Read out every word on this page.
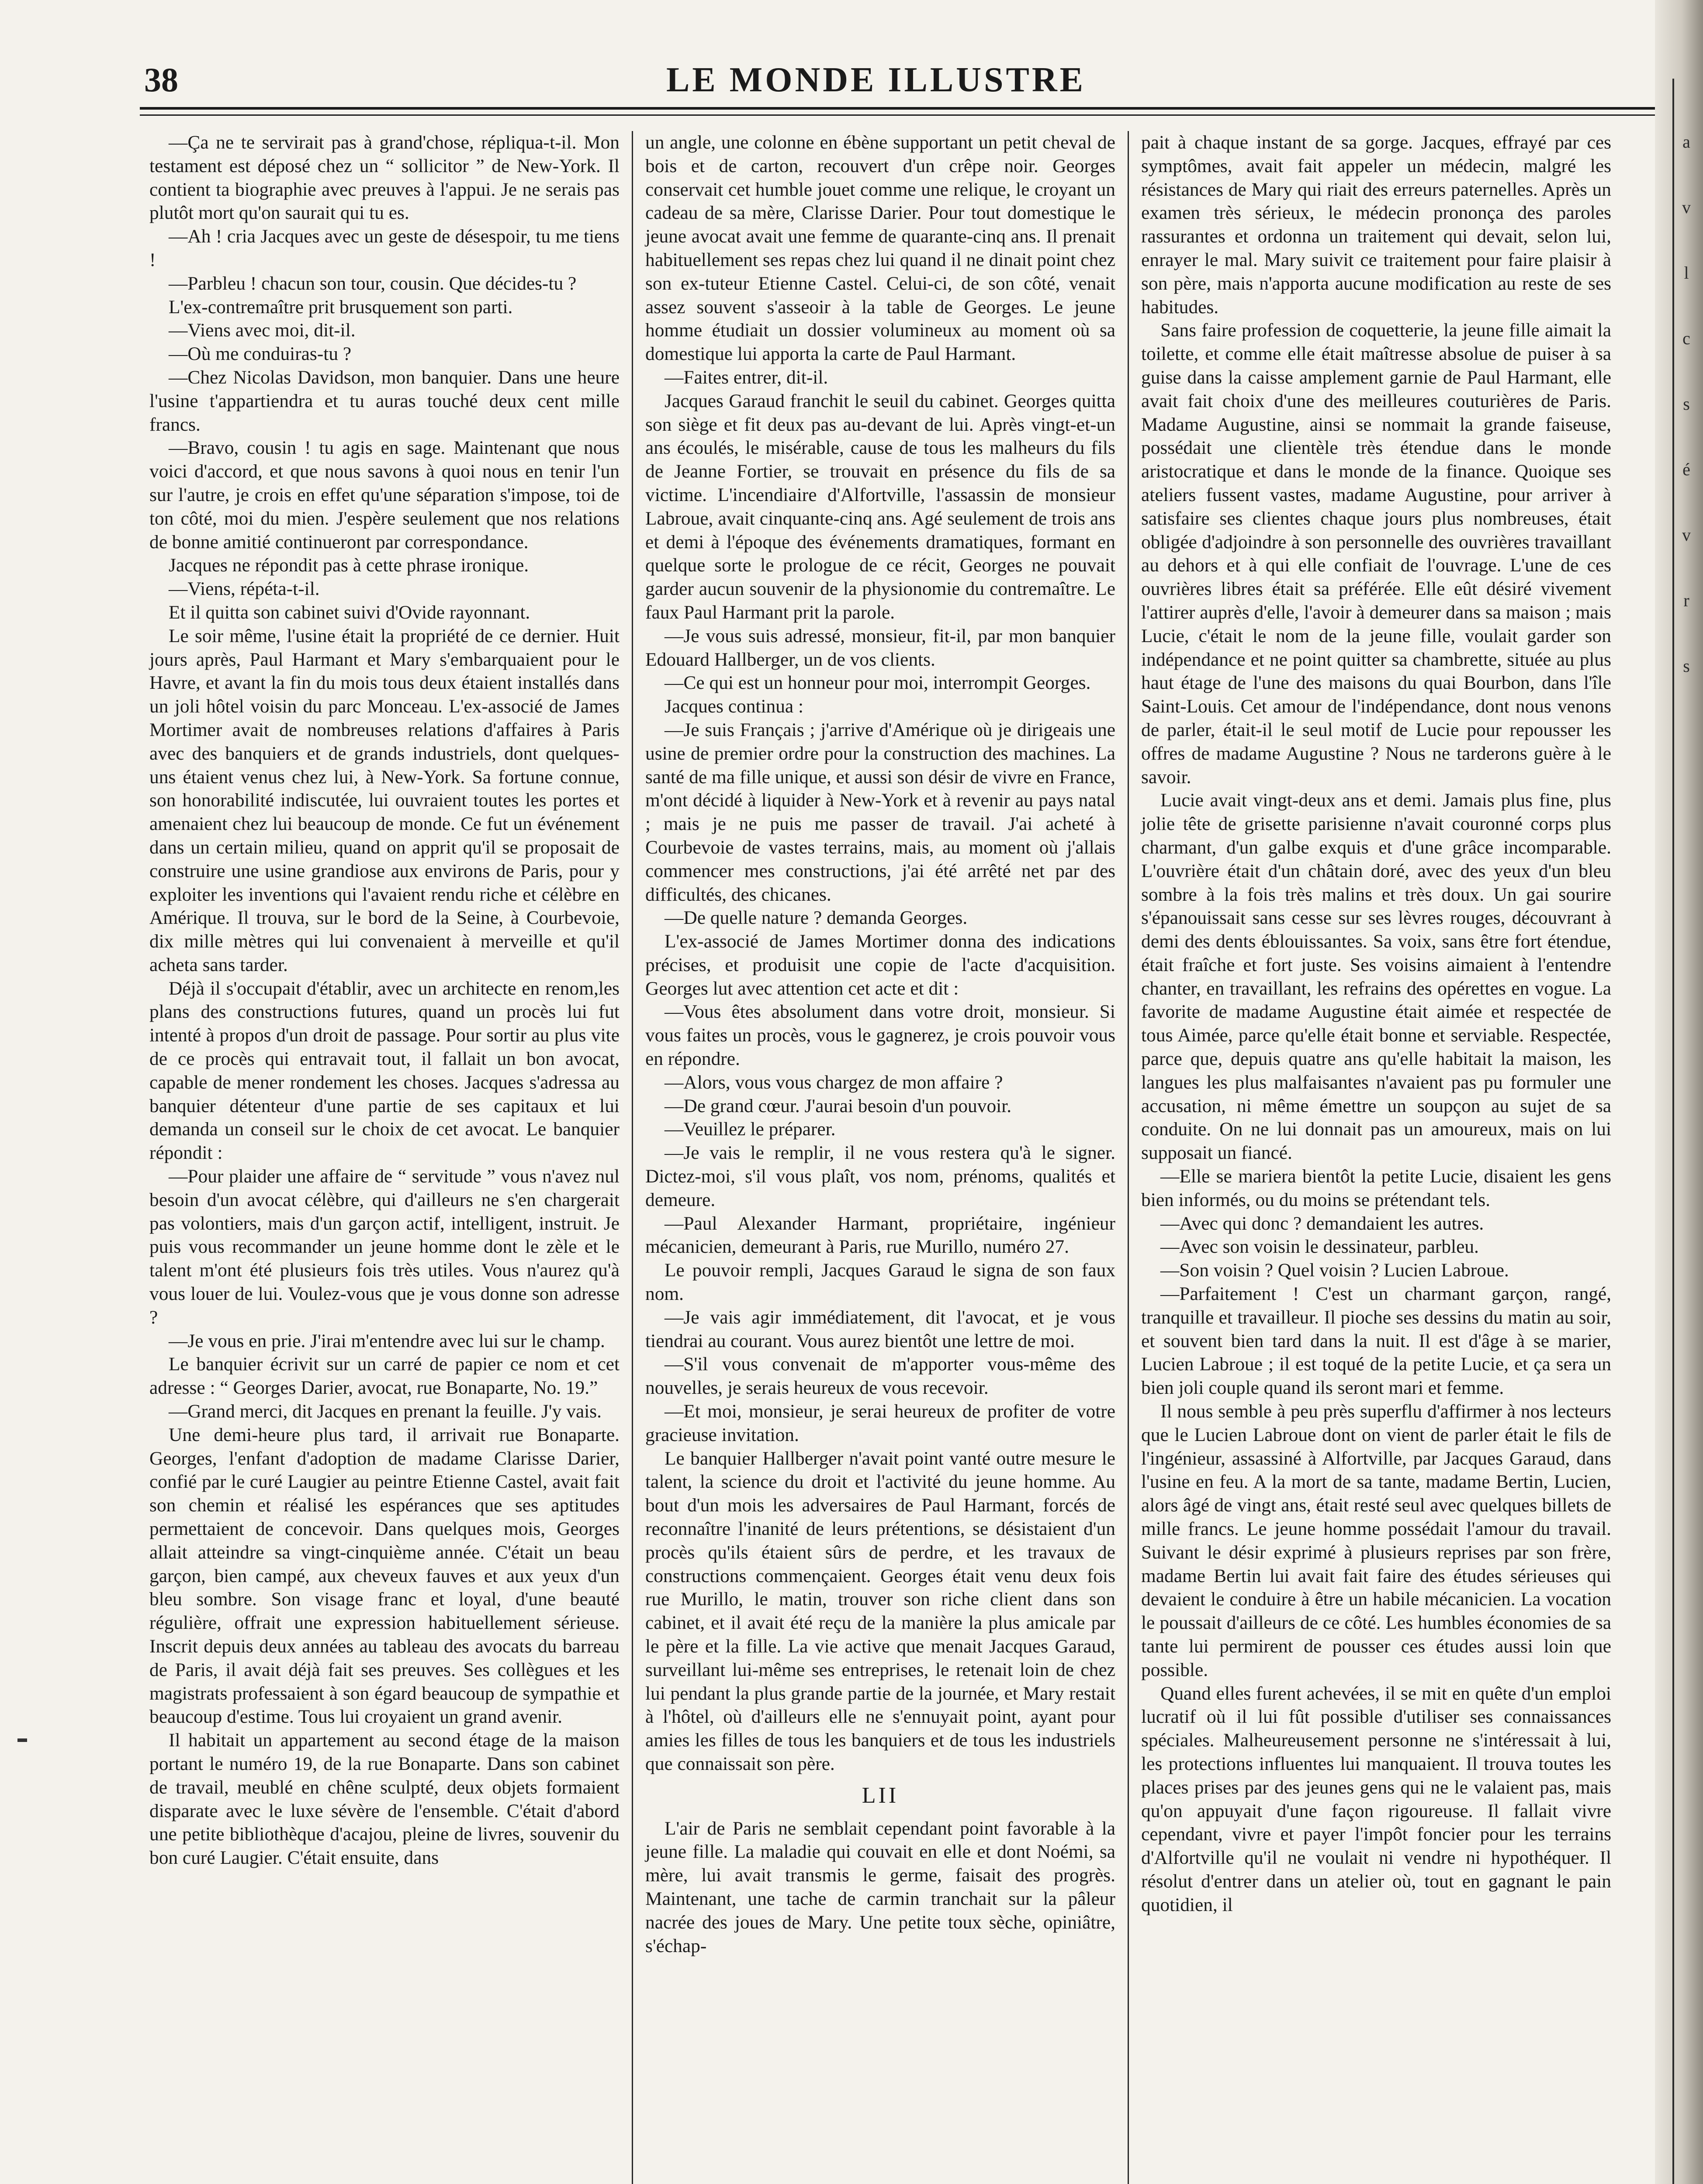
38	LE MONDE ILLUSTRE

—Ça ne te servirait pas à grand'chose, répliqua-t-il. Mon testament est déposé chez un “ sollicitor ” de New-York. Il contient ta biographie avec preuves à l'appui. Je ne serais pas plutôt mort qu'on saurait qui tu es.

—Ah ! cria Jacques avec un geste de désespoir, tu me tiens !

—Parbleu ! chacun son tour, cousin. Que décides-tu ?

L'ex-contremaître prit brusquement son parti.

—Viens avec moi, dit-il.

—Où me conduiras-tu ?

—Chez Nicolas Davidson, mon banquier. Dans une heure l'usine t'appartiendra et tu auras touché deux cent mille francs.

—Bravo, cousin ! tu agis en sage. Maintenant que nous voici d'accord, et que nous savons à quoi nous en tenir l'un sur l'autre, je crois en effet qu'une séparation s'impose, toi de ton côté, moi du mien. J'espère seulement que nos relations de bonne amitié continueront par correspondance.

Jacques ne répondit pas à cette phrase ironique.

—Viens, répéta-t-il.

Et il quitta son cabinet suivi d'Ovide rayonnant.

Le soir même, l'usine était la propriété de ce dernier. Huit jours après, Paul Harmant et Mary s'embarquaient pour le Havre, et avant la fin du mois tous deux étaient installés dans un joli hôtel voisin du parc Monceau. L'ex-associé de James Mortimer avait de nombreuses relations d'affaires à Paris avec des banquiers et de grands industriels, dont quelques-uns étaient venus chez lui, à New-York. Sa fortune connue, son honorabilité indiscutée, lui ouvraient toutes les portes et amenaient chez lui beaucoup de monde. Ce fut un événement dans un certain milieu, quand on apprit qu'il se proposait de construire une usine grandiose aux environs de Paris, pour y exploiter les inventions qui l'avaient rendu riche et célèbre en Amérique. Il trouva, sur le bord de la Seine, à Courbevoie, dix mille mètres qui lui convenaient à merveille et qu'il acheta sans tarder.

Déjà il s'occupait d'établir, avec un architecte en renom,les plans des constructions futures, quand un procès lui fut intenté à propos d'un droit de passage. Pour sortir au plus vite de ce procès qui entravait tout, il fallait un bon avocat, capable de mener rondement les choses. Jacques s'adressa au banquier détenteur d'une partie de ses capitaux et lui demanda un conseil sur le choix de cet avocat. Le banquier répondit :

—Pour plaider une affaire de “ servitude ” vous n'avez nul besoin d'un avocat célèbre, qui d'ailleurs ne s'en chargerait pas volontiers, mais d'un garçon actif, intelligent, instruit. Je puis vous recommander un jeune homme dont le zèle et le talent m'ont été plusieurs fois très utiles. Vous n'aurez qu'à vous louer de lui. Voulez-vous que je vous donne son adresse ?

—Je vous en prie. J'irai m'entendre avec lui sur le champ.

Le banquier écrivit sur un carré de papier ce nom et cet adresse : “ Georges Darier, avocat, rue Bonaparte, No. 19.”

—Grand merci, dit Jacques en prenant la feuille. J'y vais.

Une demi-heure plus tard, il arrivait rue Bonaparte. Georges, l'enfant d'adoption de madame Clarisse Darier, confié par le curé Laugier au peintre Etienne Castel, avait fait son chemin et réalisé les espérances que ses aptitudes permettaient de concevoir. Dans quelques mois, Georges allait atteindre sa vingt-cinquième année. C'était un beau garçon, bien campé, aux cheveux fauves et aux yeux d'un bleu sombre. Son visage franc et loyal, d'une beauté régulière, offrait une expression habituellement sérieuse. Inscrit depuis deux années au tableau des avocats du barreau de Paris, il avait déjà fait ses preuves. Ses collègues et les magistrats professaient à son égard beaucoup de sympathie et beaucoup d'estime. Tous lui croyaient un grand avenir.

Il habitait un appartement au second étage de la maison portant le numéro 19, de la rue Bonaparte. Dans son cabinet de travail, meublé en chêne sculpté, deux objets formaient disparate avec le luxe sévère de l'ensemble. C'était d'abord une petite bibliothèque d'acajou, pleine de livres, souvenir du bon curé Laugier. C'était ensuite, dans

un angle, une colonne en ébène supportant un petit cheval de bois et de carton, recouvert d'un crêpe noir. Georges conservait cet humble jouet comme une relique, le croyant un cadeau de sa mère, Clarisse Darier. Pour tout domestique le jeune avocat avait une femme de quarante-cinq ans. Il prenait habituellement ses repas chez lui quand il ne dinait point chez son ex-tuteur Etienne Castel. Celui-ci, de son côté, venait assez souvent s'asseoir à la table de Georges. Le jeune homme étudiait un dossier volumineux au moment où sa domestique lui apporta la carte de Paul Harmant.

—Faites entrer, dit-il.

Jacques Garaud franchit le seuil du cabinet. Georges quitta son siège et fit deux pas au-devant de lui. Après vingt-et-un ans écoulés, le misérable, cause de tous les malheurs du fils de Jeanne Fortier, se trouvait en présence du fils de sa victime. L'incendiaire d'Alfortville, l'assassin de monsieur Labroue, avait cinquante-cinq ans. Agé seulement de trois ans et demi à l'époque des événements dramatiques, formant en quelque sorte le prologue de ce récit, Georges ne pouvait garder aucun souvenir de la physionomie du contremaître. Le faux Paul Harmant prit la parole.

—Je vous suis adressé, monsieur, fit-il, par mon banquier Edouard Hallberger, un de vos clients.

—Ce qui est un honneur pour moi, interrompit Georges.

Jacques continua :

—Je suis Français ; j'arrive d'Amérique où je dirigeais une usine de premier ordre pour la construction des machines. La santé de ma fille unique, et aussi son désir de vivre en France, m'ont décidé à liquider à New-York et à revenir au pays natal ; mais je ne puis me passer de travail. J'ai acheté à Courbevoie de vastes terrains, mais, au moment où j'allais commencer mes constructions, j'ai été arrêté net par des difficultés, des chicanes.

—De quelle nature ? demanda Georges.

L'ex-associé de James Mortimer donna des indications précises, et produisit une copie de l'acte d'acquisition. Georges lut avec attention cet acte et dit :

—Vous êtes absolument dans votre droit, monsieur. Si vous faites un procès, vous le gagnerez, je crois pouvoir vous en répondre.

—Alors, vous vous chargez de mon affaire ?

—De grand cœur. J'aurai besoin d'un pouvoir.

—Veuillez le préparer.

—Je vais le remplir, il ne vous restera qu'à le signer. Dictez-moi, s'il vous plaît, vos nom, prénoms, qualités et demeure.

—Paul Alexander Harmant, propriétaire, ingénieur mécanicien, demeurant à Paris, rue Murillo, numéro 27.

Le pouvoir rempli, Jacques Garaud le signa de son faux nom.

—Je vais agir immédiatement, dit l'avocat, et je vous tiendrai au courant. Vous aurez bientôt une lettre de moi.

—S'il vous convenait de m'apporter vous-même des nouvelles, je serais heureux de vous recevoir.

—Et moi, monsieur, je serai heureux de profiter de votre gracieuse invitation.

Le banquier Hallberger n'avait point vanté outre mesure le talent, la science du droit et l'activité du jeune homme. Au bout d'un mois les adversaires de Paul Harmant, forcés de reconnaître l'inanité de leurs prétentions, se désistaient d'un procès qu'ils étaient sûrs de perdre, et les travaux de constructions commençaient. Georges était venu deux fois rue Murillo, le matin, trouver son riche client dans son cabinet, et il avait été reçu de la manière la plus amicale par le père et la fille. La vie active que menait Jacques Garaud, surveillant lui-même ses entreprises, le retenait loin de chez lui pendant la plus grande partie de la journée, et Mary restait à l'hôtel, où d'ailleurs elle ne s'ennuyait point, ayant pour amies les filles de tous les banquiers et de tous les industriels que connaissait son père.

LII

L'air de Paris ne semblait cependant point favorable à la jeune fille. La maladie qui couvait en elle et dont Noémi, sa mère, lui avait transmis le germe, faisait des progrès. Maintenant, une tache de carmin tranchait sur la pâleur nacrée des joues de Mary. Une petite toux sèche, opiniâtre, s'échap-

pait à chaque instant de sa gorge. Jacques, effrayé par ces symptômes, avait fait appeler un médecin, malgré les résistances de Mary qui riait des erreurs paternelles. Après un examen très sérieux, le médecin prononça des paroles rassurantes et ordonna un traitement qui devait, selon lui, enrayer le mal. Mary suivit ce traitement pour faire plaisir à son père, mais n'apporta aucune modification au reste de ses habitudes.

Sans faire profession de coquetterie, la jeune fille aimait la toilette, et comme elle était maîtresse absolue de puiser à sa guise dans la caisse amplement garnie de Paul Harmant, elle avait fait choix d'une des meilleures couturières de Paris. Madame Augustine, ainsi se nommait la grande faiseuse, possédait une clientèle très étendue dans le monde aristocratique et dans le monde de la finance. Quoique ses ateliers fussent vastes, madame Augustine, pour arriver à satisfaire ses clientes chaque jours plus nombreuses, était obligée d'adjoindre à son personnelle des ouvrières travaillant au dehors et à qui elle confiait de l'ouvrage. L'une de ces ouvrières libres était sa préférée. Elle eût désiré vivement l'attirer auprès d'elle, l'avoir à demeurer dans sa maison ; mais Lucie, c'était le nom de la jeune fille, voulait garder son indépendance et ne point quitter sa chambrette, située au plus haut étage de l'une des maisons du quai Bourbon, dans l'île Saint-Louis. Cet amour de l'indépendance, dont nous venons de parler, était-il le seul motif de Lucie pour repousser les offres de madame Augustine ? Nous ne tarderons guère à le savoir.

Lucie avait vingt-deux ans et demi. Jamais plus fine, plus jolie tête de grisette parisienne n'avait couronné corps plus charmant, d'un galbe exquis et d'une grâce incomparable. L'ouvrière était d'un châtain doré, avec des yeux d'un bleu sombre à la fois très malins et très doux. Un gai sourire s'épanouissait sans cesse sur ses lèvres rouges, découvrant à demi des dents éblouissantes. Sa voix, sans être fort étendue, était fraîche et fort juste. Ses voisins aimaient à l'entendre chanter, en travaillant, les refrains des opérettes en vogue. La favorite de madame Augustine était aimée et respectée de tous Aimée, parce qu'elle était bonne et serviable. Respectée, parce que, depuis quatre ans qu'elle habitait la maison, les langues les plus malfaisantes n'avaient pas pu formuler une accusation, ni même émettre un soupçon au sujet de sa conduite. On ne lui donnait pas un amoureux, mais on lui supposait un fiancé.

—Elle se mariera bientôt la petite Lucie, disaient les gens bien informés, ou du moins se prétendant tels.

—Avec qui donc ? demandaient les autres.

—Avec son voisin le dessinateur, parbleu.

—Son voisin ? Quel voisin ? Lucien Labroue.

—Parfaitement ! C'est un charmant garçon, rangé, tranquille et travailleur. Il pioche ses dessins du matin au soir, et souvent bien tard dans la nuit. Il est d'âge à se marier, Lucien Labroue ; il est toqué de la petite Lucie, et ça sera un bien joli couple quand ils seront mari et femme.

Il nous semble à peu près superflu d'affirmer à nos lecteurs que le Lucien Labroue dont on vient de parler était le fils de l'ingénieur, assassiné à Alfortville, par Jacques Garaud, dans l'usine en feu. A la mort de sa tante, madame Bertin, Lucien, alors âgé de vingt ans, était resté seul avec quelques billets de mille francs. Le jeune homme possédait l'amour du travail. Suivant le désir exprimé à plusieurs reprises par son frère, madame Bertin lui avait fait faire des études sérieuses qui devaient le conduire à être un habile mécanicien. La vocation le poussait d'ailleurs de ce côté. Les humbles économies de sa tante lui permirent de pousser ces études aussi loin que possible.

Quand elles furent achevées, il se mit en quête d'un emploi lucratif où il lui fût possible d'utiliser ses connaissances spéciales. Malheureusement personne ne s'intéressait à lui, les protections influentes lui manquaient. Il trouva toutes les places prises par des jeunes gens qui ne le valaient pas, mais qu'on appuyait d'une façon rigoureuse. Il fallait vivre cependant, vivre et payer l'impôt foncier pour les terrains d'Alfortville qu'il ne voulait ni vendre ni hypothéquer. Il résolut d'entrer dans un atelier où, tout en gagnant le pain quotidien, il

a
v
l
c
s
é
v
r
s
